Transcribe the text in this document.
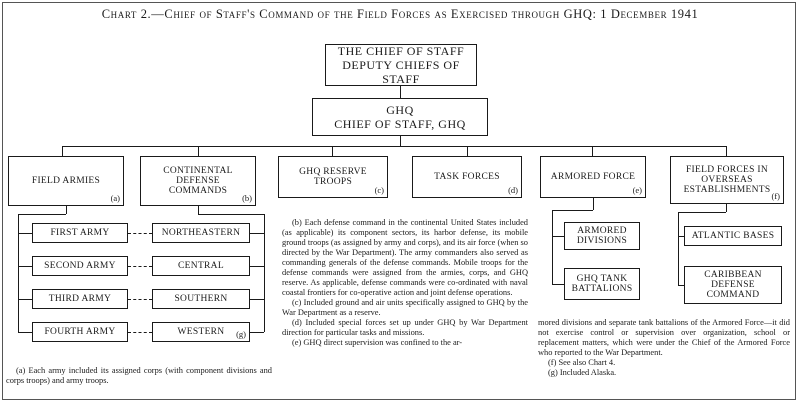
Chart 2.—Chief of Staff's Command of the Field Forces as Exercised through GHQ: 1 December 1941
THE CHIEF OF STAFF
DEPUTY CHIEFS OF STAFF
GHQ
CHIEF OF STAFF, GHQ
FIELD ARMIES
(a)
CONTINENTAL DEFENSE COMMANDS
(b)
GHQ RESERVE TROOPS
(c)
TASK FORCES
(d)
ARMORED FORCE
(e)
FIELD FORCES IN OVERSEAS ESTABLISHMENTS
(f)
FIRST ARMY
SECOND ARMY
THIRD ARMY
FOURTH ARMY
NORTHEASTERN
CENTRAL
SOUTHERN
WESTERN (g)
ARMORED DIVISIONS
GHQ TANK BATTALIONS
ATLANTIC BASES
CARIBBEAN DEFENSE COMMAND

(a) Each army included its assigned corps (with component divisions and corps troops) and army troops.

(b) Each defense command in the continental United States included (as applicable) its component sectors, its harbor defense, its mobile ground troops (as assigned by army and corps), and its air force (when so directed by the War Department). The army commanders also served as commanding generals of the defense commands. Mobile troops for the defense commands were assigned from the armies, corps, and GHQ reserve. As applicable, defense commands were co-ordinated with naval coastal frontiers for co-operative action and joint defense operations.

(c) Included ground and air units specifically assigned to GHQ by the War Department as a reserve.

(d) Included special forces set up under GHQ by War Department direction for particular tasks and missions.

(e) GHQ direct supervision was confined to the ar-

mored divisions and separate tank battalions of the Armored Force—it did not exercise control or supervision over organization, school or replacement matters, which were under the Chief of the Armored Force who reported to the War Department.

(f) See also Chart 4.

(g) Included Alaska.
